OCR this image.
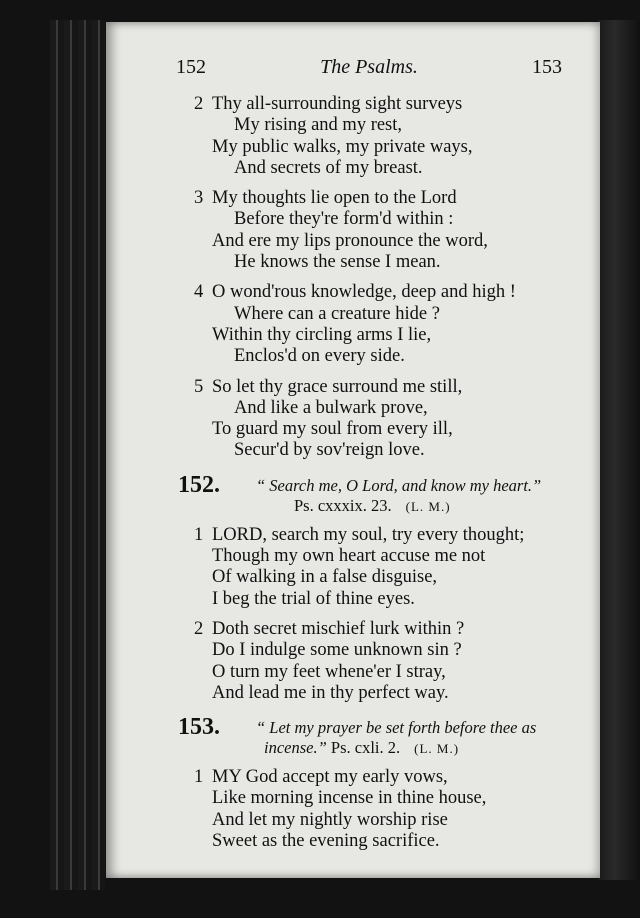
152	The Psalms.	153
2 Thy all-surrounding sight surveys
My rising and my rest,
My public walks, my private ways,
And secrets of my breast.
3 My thoughts lie open to the Lord
Before they're form'd within :
And ere my lips pronounce the word,
He knows the sense I mean.
4 O wond'rous knowledge, deep and high !
Where can a creature hide ?
Within thy circling arms I lie,
Enclos'd on every side.
5 So let thy grace surround me still,
And like a bulwark prove,
To guard my soul from every ill,
Secur'd by sov'reign love.
152.	“ Search me, O Lord, and know my heart.”
Ps. cxxxix. 23. (L. M.)
1 LORD, search my soul, try every thought;
Though my own heart accuse me not
Of walking in a false disguise,
I beg the trial of thine eyes.
2 Doth secret mischief lurk within ?
Do I indulge some unknown sin ?
O turn my feet whene'er I stray,
And lead me in thy perfect way.
153.	“ Let my prayer be set forth before thee as
incense.” Ps. cxli. 2. (L. M.)
1 MY God accept my early vows,
Like morning incense in thine house,
And let my nightly worship rise
Sweet as the evening sacrifice.
